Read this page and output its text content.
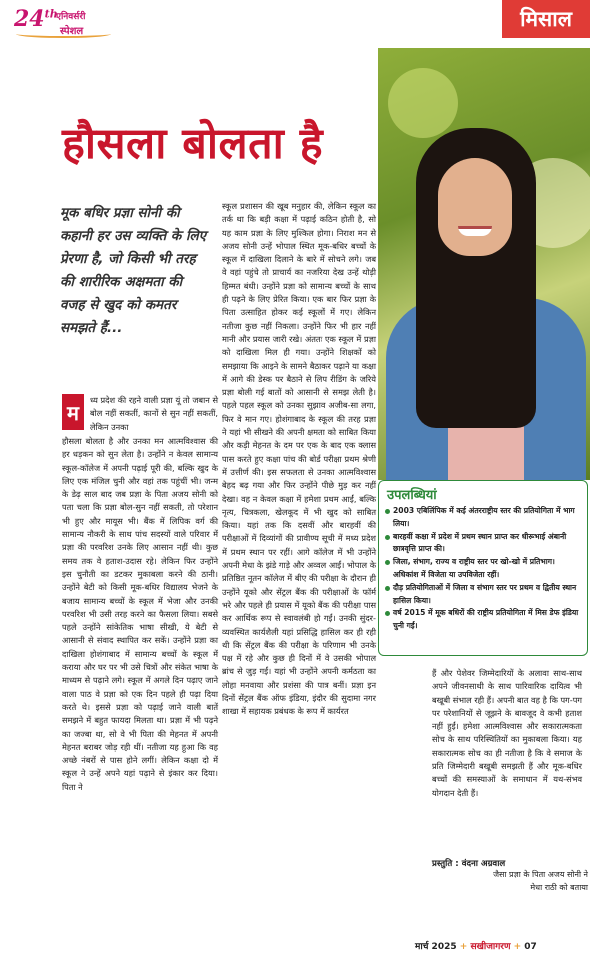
24th
एनिवर्सरी
स्पेशल
मिसाल
हौसला बोलता है

मूक बधिर प्रज्ञा सोनी की कहानी हर उस व्यक्ति के लिए प्रेरणा है, जो किसी भी तरह की शारीरिक अक्षमता की वजह से खुद को कमतर समझते हैं...

म

ध्य प्रदेश की रहने वाली प्रज्ञा यूं तो जबान से बोल नहीं सकतीं, कानों से सुन नहीं सकतीं, लेकिन उनका

हौसला बोलता है और उनका मन आत्मविश्वास की हर धड़कन को सुन लेता है। उन्होंने न केवल सामान्य स्कूल-कॉलेज में अपनी पढ़ाई पूरी की, बल्कि खुद के लिए एक मंजिल चुनी और वहां तक पहुंचीं भी। जन्म के डेढ़ साल बाद जब प्रज्ञा के पिता अजय सोनी को पता चला कि प्रज्ञा बोल-सुन नहीं सकती, तो परेशान भी हुए और मायूस भी। बैंक में लिपिक वर्ग की सामान्य नौकरी के साथ पांच सदस्यों वाले परिवार में प्रज्ञा की परवरिश उनके लिए आसान नहीं थी। कुछ समय तक वे हताश-उदास रहे। लेकिन फिर उन्होंने इस चुनौती का डटकर मुकाबला करने की ठानी। उन्होंने बेटी को किसी मूक-बधिर विद्यालय भेजने के बजाय सामान्य बच्चों के स्कूल में भेजा और उनकी परवरिश भी उसी तरह करने का फैसला लिया। सबसे पहले उन्होंने सांकेतिक भाषा सीखी, ये बेटी से आसानी से संवाद स्थापित कर सकें। उन्होंने प्रज्ञा का दाखिला होशंगाबाद में सामान्य बच्चों के स्कूल में कराया और घर पर भी उसे चित्रों और संकेत भाषा के माध्यम से पढ़ाने लगे। स्कूल में अगले दिन पढ़ाए जाने वाला पाठ वे प्रज्ञा को एक दिन पहले ही पढ़ा दिया करते थे। इससे प्रज्ञा को पढ़ाई जाने वाली बातें समझने में बहुत फायदा मिलता था। प्रज्ञा में भी पढ़ने का जज्बा था, सो वे भी पिता की मेहनत में अपनी मेहनत बराबर जोड़ रही थीं। नतीजा यह हुआ कि वह अच्छे नंबरों से पास होने लगीं। लेकिन कक्षा दो में स्कूल ने उन्हें अपने यहां पढ़ाने से इंकार कर दिया। पिता ने

स्कूल प्रशासन की खूब मनुहार की, लेकिन स्कूल का तर्क था कि बड़ी कक्षा में पढ़ाई कठिन होती है, सो यह काम प्रज्ञा के लिए मुश्किल होगा। निराश मन से अजय सोनी उन्हें भोपाल स्थित मूक-बधिर बच्चों के स्कूल में दाखिला दिलाने के बारे में सोचने लगे। जब वे वहां पहुंचे तो प्राचार्य का नजरिया देख उन्हें थोड़ी हिम्मत बंधी। उन्होंने प्रज्ञा को सामान्य बच्चों के साथ ही पढ़ने के लिए प्रेरित किया। एक बार फिर प्रज्ञा के पिता उत्साहित होकर कई स्कूलों में गए। लेकिन नतीजा कुछ नहीं निकला। उन्होंने फिर भी हार नहीं मानी और प्रयास जारी रखे। अंततः एक स्कूल में प्रज्ञा को दाखिला मिल ही गया। उन्होंने शिक्षकों को समझाया कि आइने के सामने बैठाकर पढ़ाने या कक्षा में आगे की डेस्क पर बैठाने से लिप रीडिंग के जरिये प्रज्ञा बोली गई बातों को आसानी से समझ लेती है। पहले पहल स्कूल को उनका सुझाव अजीब-सा लगा, फिर वे मान गए। होशंगाबाद के स्कूल की तरह प्रज्ञा ने यहां भी सीखने की अपनी क्षमता को साबित किया और कड़ी मेहनत के दम पर एक के बाद एक क्लास पास करते हुए कक्षा पांच की बोर्ड परीक्षा प्रथम श्रेणी में उत्तीर्ण की। इस सफलता से उनका आत्मविश्वास बेहद बढ़ गया और फिर उन्होंने पीछे मुड़ कर नहीं देखा। वह न केवल कक्षा में हमेशा प्रथम आईं, बल्कि नृत्य, चित्रकला, खेलकूद में भी खुद को साबित किया। यहां तक कि दसवीं और बारहवीं की परीक्षाओं में दिव्यांगों की प्रावीण्य सूची में मध्य प्रदेश में प्रथम स्थान पर रहीं। आगे कॉलेज में भी उन्होंने अपनी मेधा के झंडे गाड़े और अव्वल आईं। भोपाल के प्रतिष्ठित नूतन कॉलेज में बीए की परीक्षा के दौरान ही उन्होंने यूको और सेंट्रल बैंक की परीक्षाओं के फॉर्म भरे और पहले ही प्रयास में यूको बैंक की परीक्षा पास कर आर्थिक रूप से स्वावलंबी हो गईं। उनकी सुंदर-व्यवस्थित कार्यशैली यहां प्रसिद्धि हासिल कर ही रही थी कि सेंट्रल बैंक की परीक्षा के परिणाम भी उनके पक्ष में रहे और कुछ ही दिनों में वे उसकी भोपाल ब्रांच से जुड़ गईं। यहां भी उन्होंने अपनी कर्मठता का लोहा मनवाया और प्रशंसा की पात्र बनीं। प्रज्ञा इन दिनों सेंट्रल बैंक ऑफ इंडिया, इंदौर की सुदामा नगर शाखा में सहायक प्रबंधक के रूप में कार्यरत

उपलब्धियां
2003 एबिलिंपिक में कई अंतरराष्ट्रीय स्तर की प्रतियोगिता में भाग लिया।
बारहवीं कक्षा में प्रदेश में प्रथम स्थान प्राप्त कर धीरूभाई अंबानी छात्रवृत्ति प्राप्त की।
जिला, संभाग, राज्य व राष्ट्रीय स्तर पर खो-खो में प्रतिभाग। अधिकांश में विजेता या उपविजेता रहीं।
दौड़ प्रतियोगिताओं में जिला व संभाग स्तर पर प्रथम व द्वितीय स्थान हासिल किया।
वर्ष 2015 में मूक बधिरों की राष्ट्रीय प्रतियोगिता में मिस डेफ इंडिया चुनी गईं।

हैं और पेशेवर जिम्मेदारियों के अलावा साथ-साथ अपने जीवनसाथी के साथ पारिवारिक दायित्व भी बखूबी संभाल रही हैं। अपनी बात वह है कि पग-पग पर परेशानियों से जूझने के बावजूद वे कभी हताश नहीं हुईं। हमेशा आत्मविश्वास और सकारात्मकता सोच के साथ परिस्थितियों का मुकाबला किया। यह सकारात्मक सोच का ही नतीजा है कि वे समाज के प्रति जिम्मेदारी बखूबी समझती हैं और मूक-बधिर बच्चों की समस्याओं के समाधान में यथ-संभव योगदान देती हैं।

प्रस्तुति : वंदना अग्रवाल

जैसा प्रज्ञा के पिता अजय सोनी ने मेधा राठी को बताया

मार्च 2025 + सखीजागरण + 07
